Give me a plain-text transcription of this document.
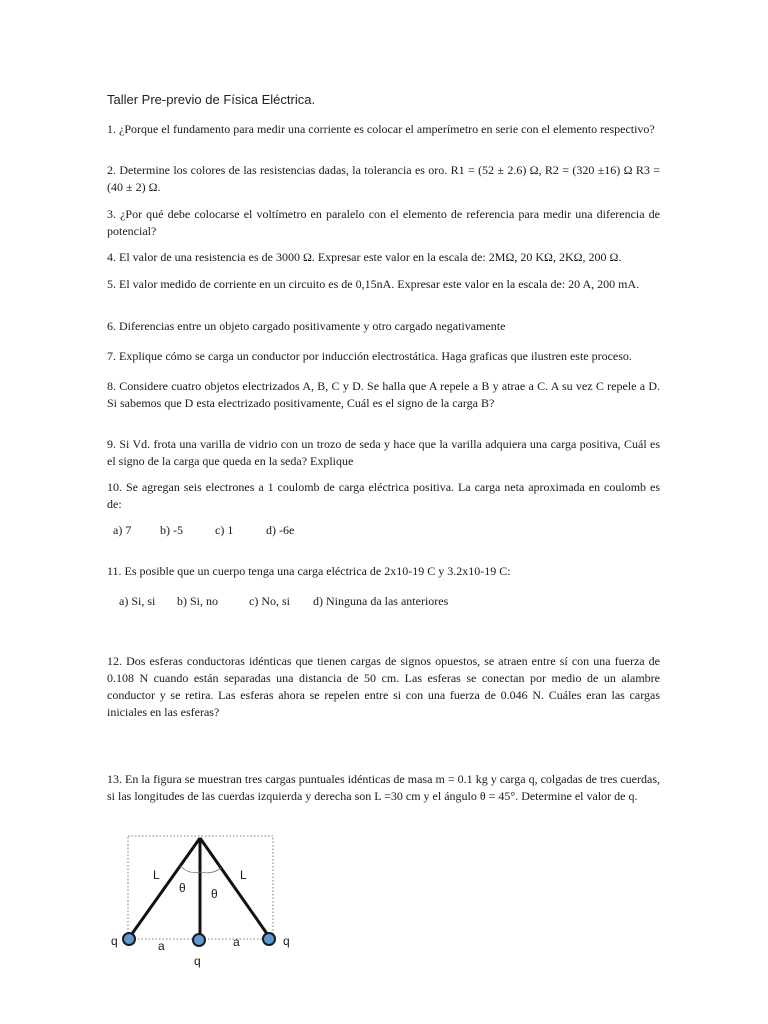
Taller Pre-previo de Física Eléctrica.
1. ¿Porque el fundamento para medir una corriente es colocar el amperímetro en serie con el elemento respectivo?
2. Determine los colores de las resistencias dadas, la tolerancia es oro. R1 = (52 ± 2.6) Ω, R2 = (320 ±16) Ω R3 = (40 ± 2) Ω.
3. ¿Por qué debe colocarse el voltímetro en paralelo con el elemento de referencia para medir una diferencia de potencial?
4. El valor de una resistencia es de 3000 Ω. Expresar este valor en la escala de: 2MΩ, 20 KΩ, 2KΩ, 200 Ω.
5. El valor medido de corriente en un circuito es de 0,15nA. Expresar este valor en la escala de: 20 A, 200 mA.
6. Diferencias entre un objeto cargado positivamente y otro cargado negativamente
7. Explique cómo se carga un conductor por inducción electrostática. Haga graficas que ilustren este proceso.
8. Considere cuatro objetos electrizados A, B, C y D. Se halla que A repele a B y atrae a C. A su vez C repele a D. Si sabemos que D esta electrizado positivamente, Cuál es el signo de la carga B?
9. Si Vd. frota una varilla de vidrio con un trozo de seda y hace que la varilla adquiera una carga positiva, Cuál es el signo de la carga que queda en la seda? Explique
10. Se agregan seis electrones a 1 coulomb de carga eléctrica positiva. La carga neta aproximada en coulomb es de:
a) 7 b) -5	c) 1	d) -6e
11. Es posible que un cuerpo tenga una carga eléctrica de 2x10-19 C y 3.2x10-19 C:
a) Si, si b) Si, no	c) No, si d) Ninguna da las anteriores
12. Dos esferas conductoras idénticas que tienen cargas de signos opuestos, se atraen entre sí con una fuerza de 0.108 N cuando están separadas una distancia de 50 cm. Las esferas se conectan por medio de un alambre conductor y se retira. Las esferas ahora se repelen entre si con una fuerza de 0.046 N. Cuáles eran las cargas iniciales en las esferas?
13. En la figura se muestran tres cargas puntuales idénticas de masa m = 0.1 kg y carga q, colgadas de tres cuerdas, si las longitudes de las cuerdas izquierda y derecha son L =30 cm y el ángulo θ = 45°. Determine el valor de q.
L	L
θ θ
a	a
q
q
q
